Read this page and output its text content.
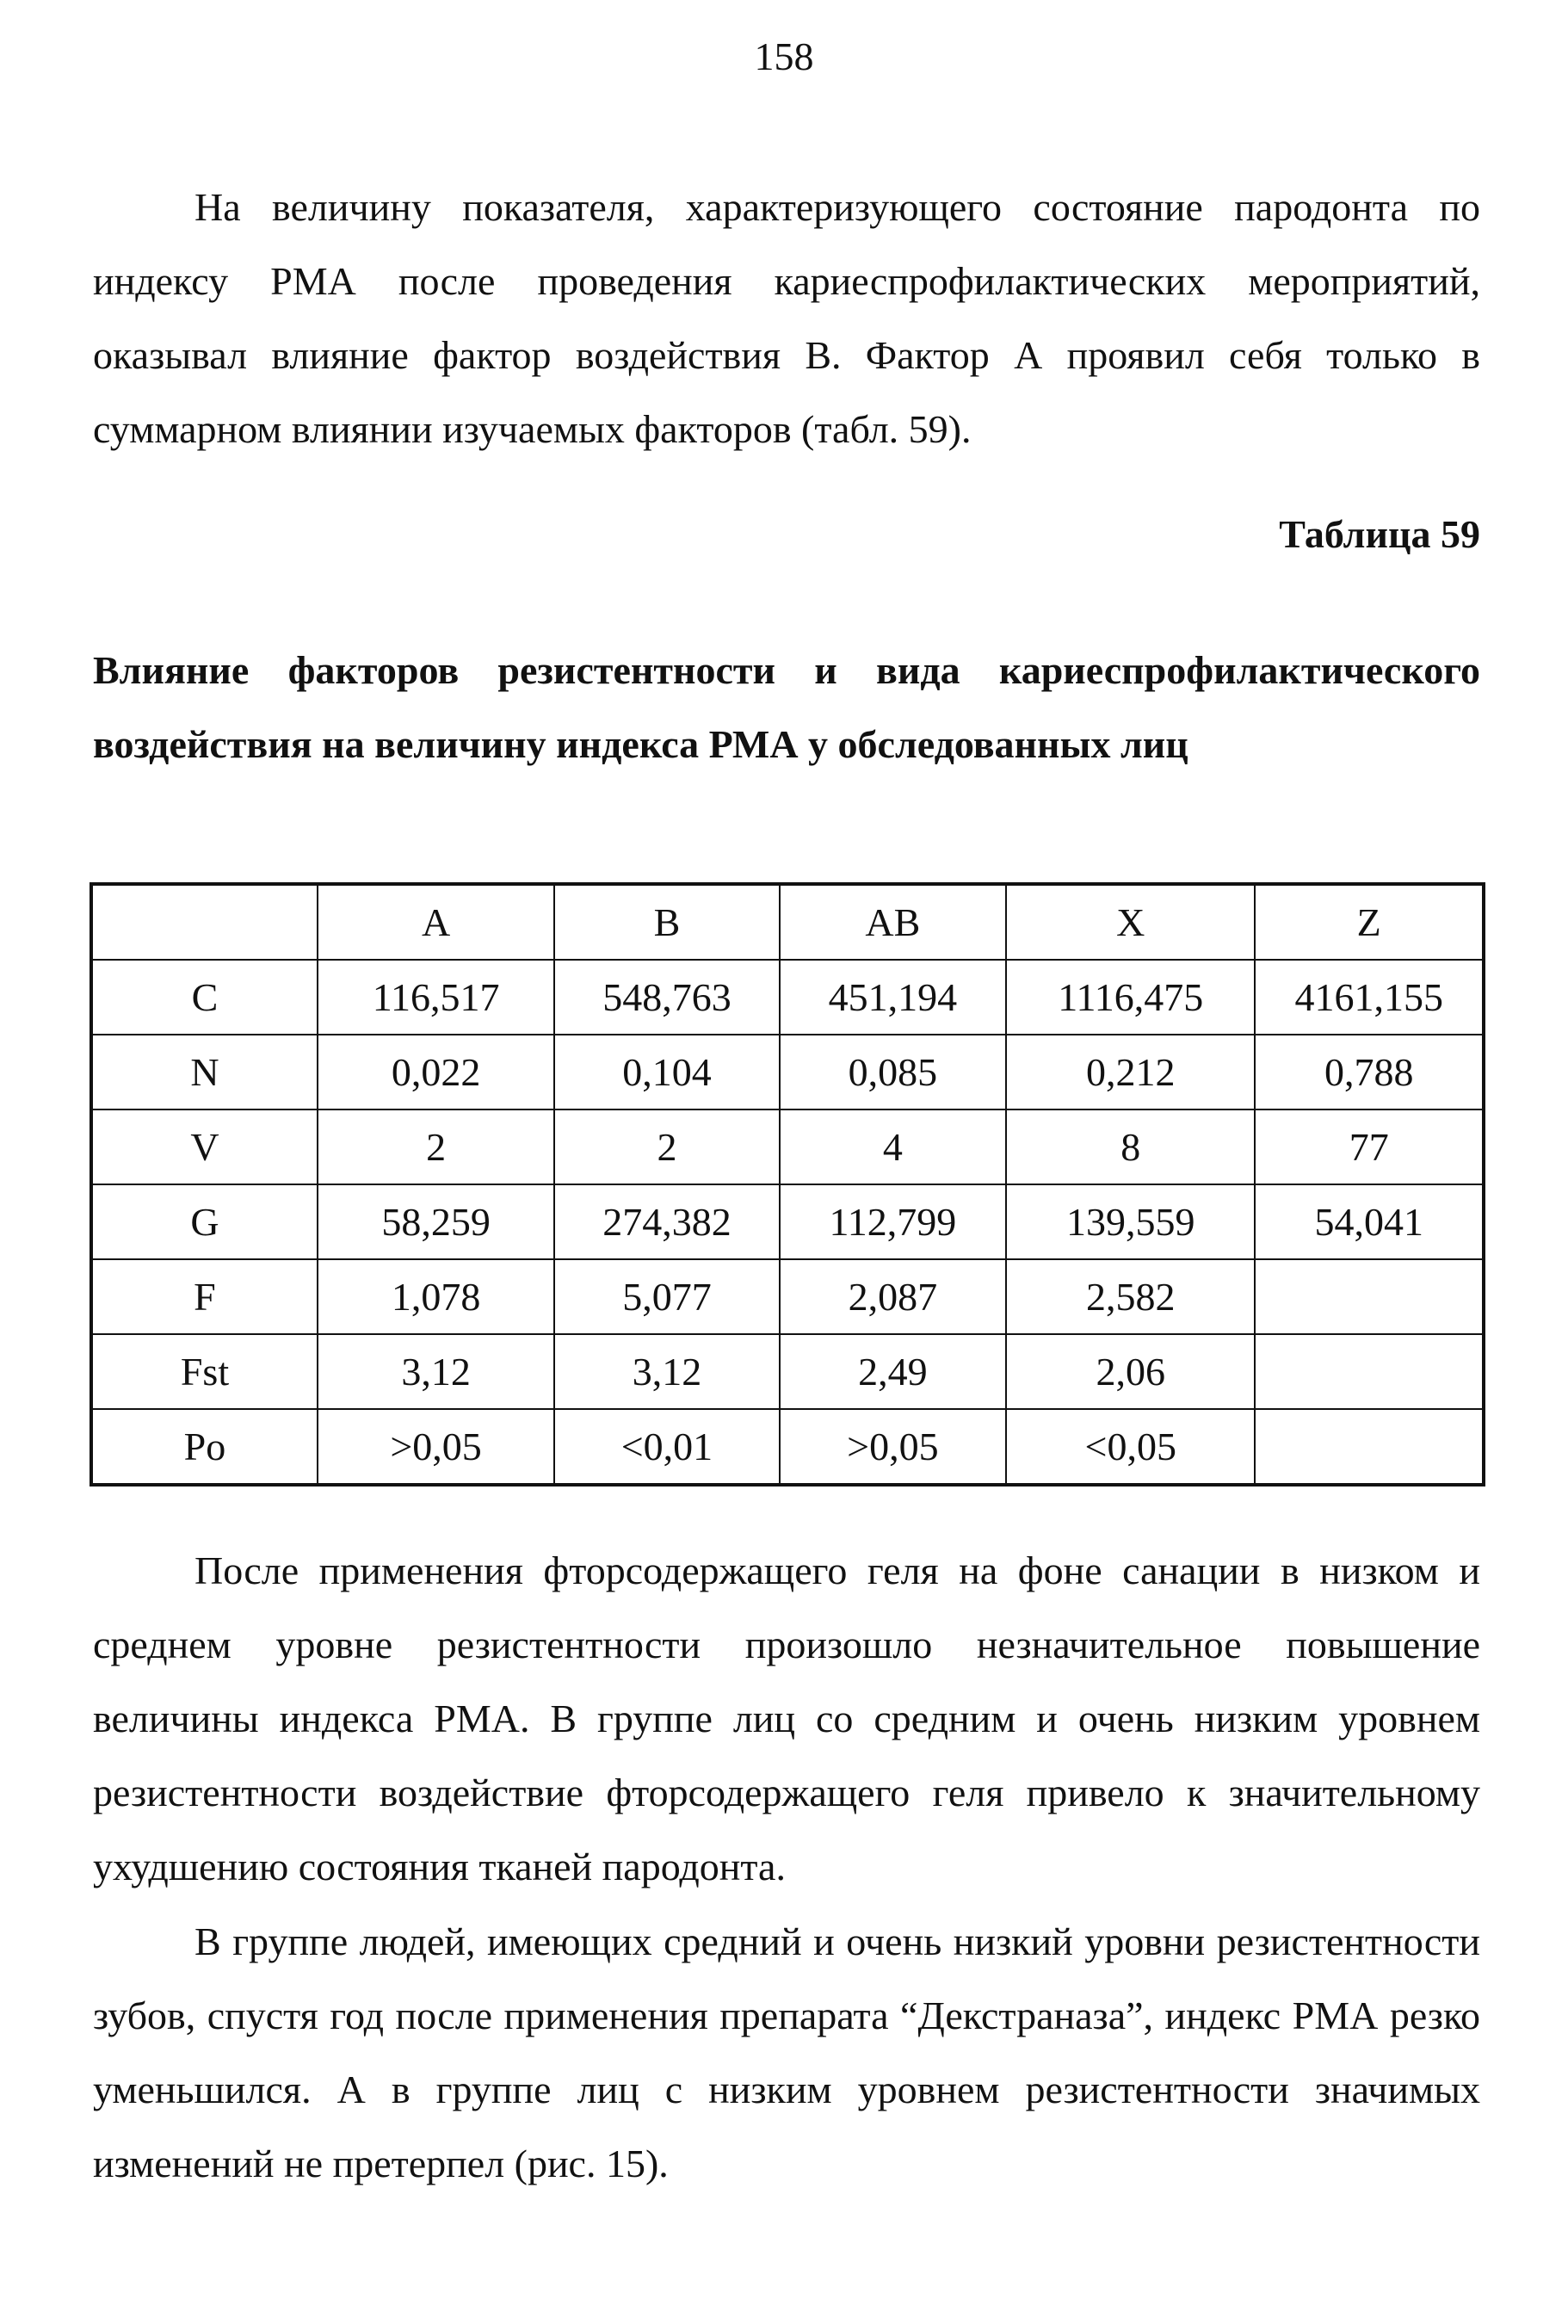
158

На величину показателя, характеризующего состояние пародонта по индексу РМА после проведения кариеспрофилактических мероприятий, оказывал влияние фактор воздействия В. Фактор А проявил себя только в суммарном влиянии изучаемых факторов (табл. 59).

Таблица 59

Влияние факторов резистентности и вида кариеспрофилактического воздействия на величину индекса РМА у обследованных лиц

	A	B	AB	X	Z
C	116,517	548,763	451,194	1116,475	4161,155
N	0,022	0,104	0,085	0,212	0,788
V	2	2	4	8	77
G	58,259	274,382	112,799	139,559	54,041
F	1,078	5,077	2,087	2,582	
Fst	3,12	3,12	2,49	2,06	
Po	>0,05	<0,01	>0,05	<0,05	

После применения фторсодержащего геля на фоне санации в низком и среднем уровне резистентности произошло незначительное повышение величины индекса РМА. В группе лиц со средним и очень низким уровнем резистентности воздействие фторсодержащего геля привело к значительному ухудшению состояния тканей пародонта.

В группе людей, имеющих средний и очень низкий уровни резистентности зубов, спустя год после применения препарата “Декстраназа”, индекс РМА резко уменьшился. А в группе лиц с низким уровнем резистентности значимых изменений не претерпел (рис. 15).
